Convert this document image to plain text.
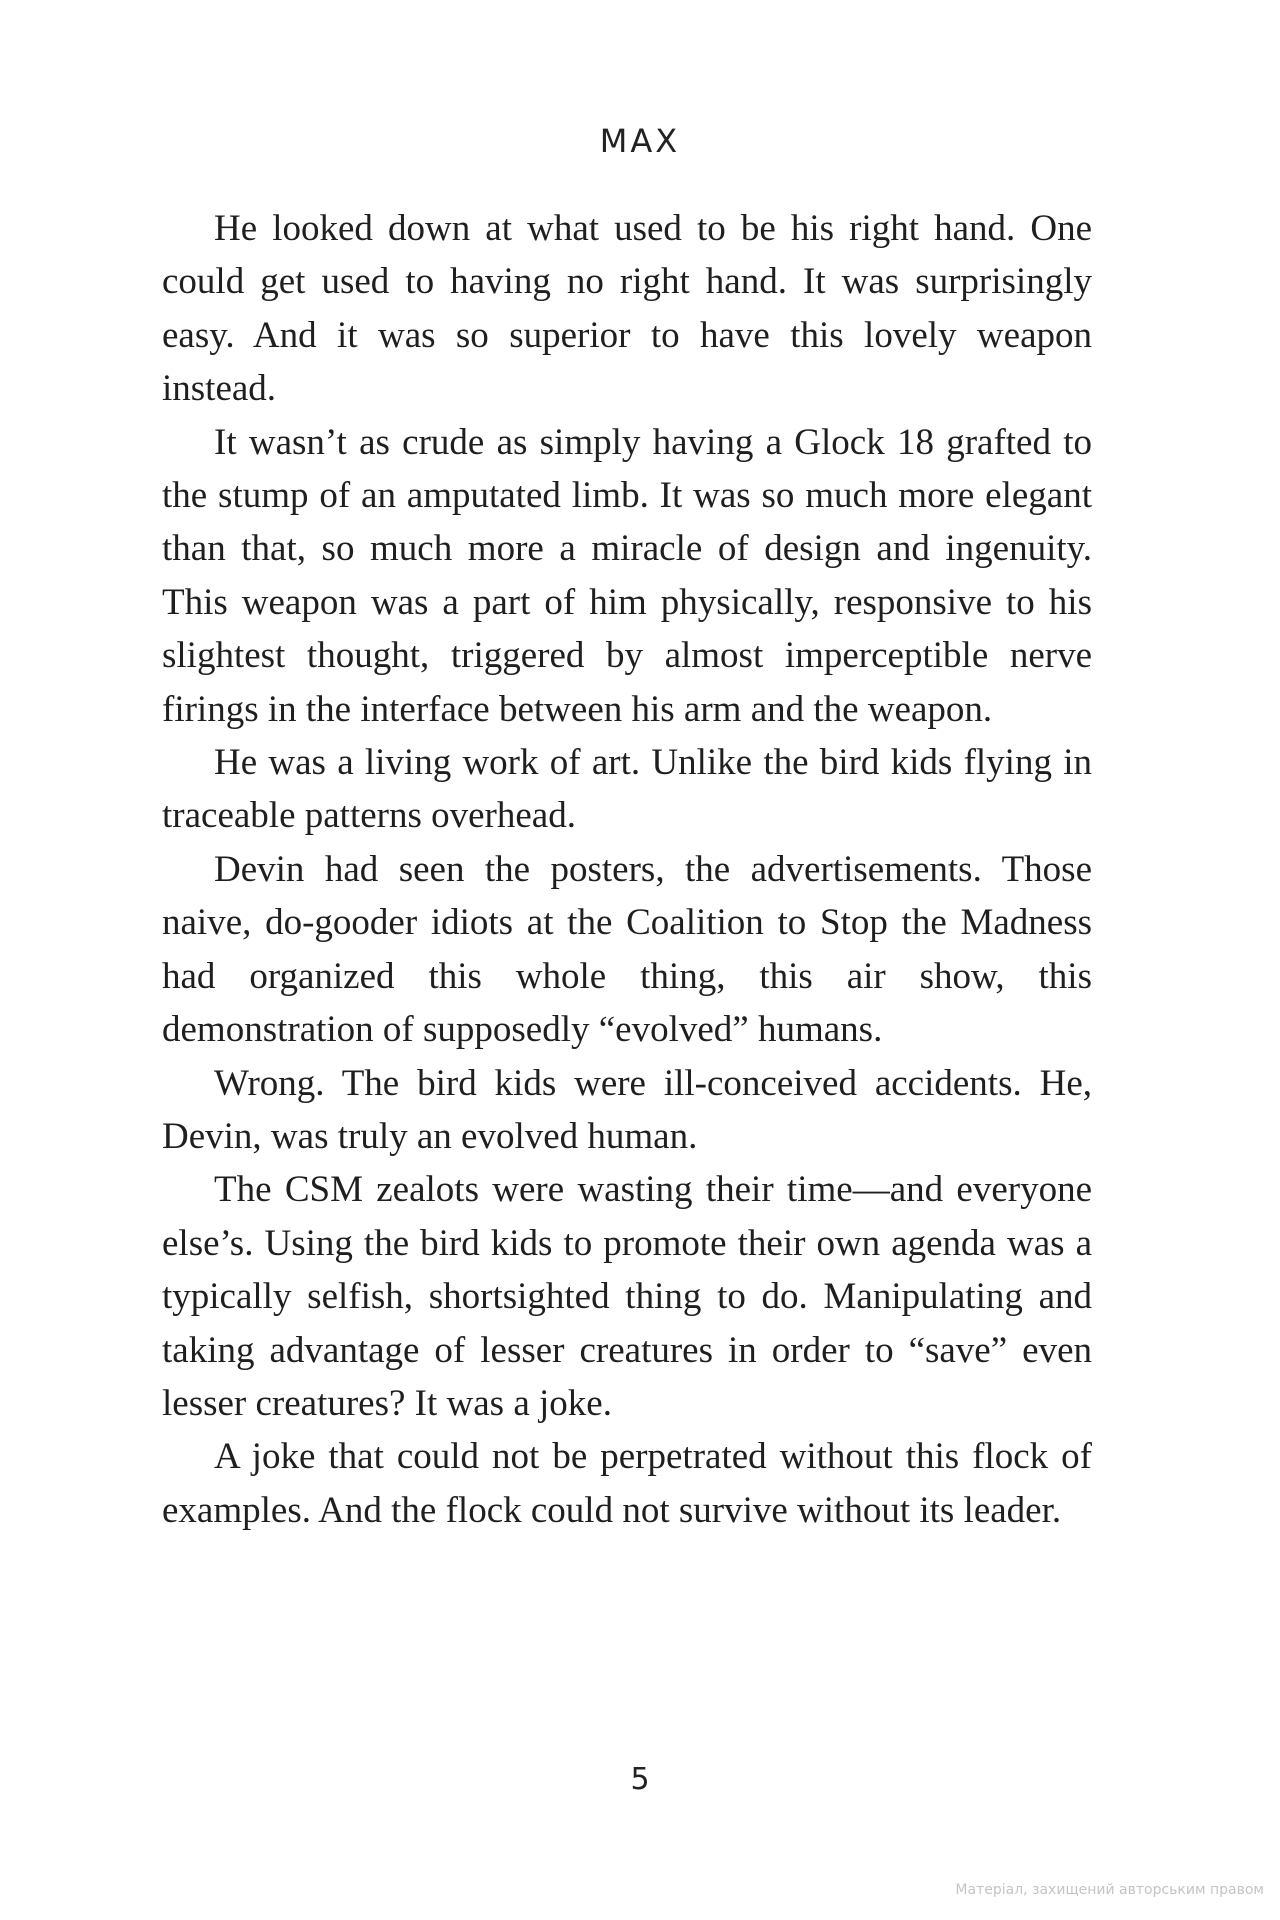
MAX

He looked down at what used to be his right hand. One could get used to having no right hand. It was surprisingly easy. And it was so superior to have this lovely weapon instead.

It wasn’t as crude as simply having a Glock 18 grafted to the stump of an amputated limb. It was so much more elegant than that, so much more a miracle of design and ingenuity. This weapon was a part of him physically, responsive to his slightest thought, triggered by almost imperceptible nerve firings in the interface between his arm and the weapon.

He was a living work of art. Unlike the bird kids flying in traceable patterns overhead.

Devin had seen the posters, the advertisements. Those naive, do-gooder idiots at the Coalition to Stop the Madness had organized this whole thing, this air show, this demonstration of supposedly “evolved” humans.

Wrong. The bird kids were ill-conceived accidents. He, Devin, was truly an evolved human.

The CSM zealots were wasting their time—and everyone else’s. Using the bird kids to promote their own agenda was a typically selfish, shortsighted thing to do. Manipulating and taking advantage of lesser creatures in order to “save” even lesser creatures? It was a joke.

A joke that could not be perpetrated without this flock of examples. And the flock could not survive without its leader.

5
Матеріал, захищений авторським правом
